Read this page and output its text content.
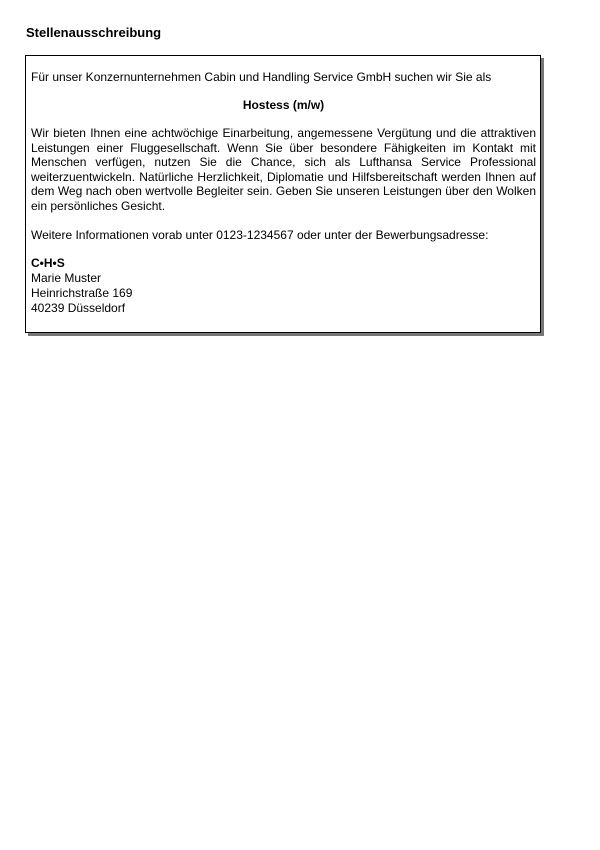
Stellenausschreibung

Für unser Konzernunternehmen Cabin und Handling Service GmbH suchen wir Sie als

Hostess (m/w)

Wir bieten Ihnen eine achtwöchige Einarbeitung, angemessene Vergütung und die attraktiven Leistungen einer Fluggesellschaft. Wenn Sie über besondere Fähigkeiten im Kontakt mit Menschen verfügen, nutzen Sie die Chance, sich als Lufthansa Service Professional weiterzuentwickeln. Natürliche Herzlichkeit, Diplomatie und Hilfsbereitschaft werden Ihnen auf dem Weg nach oben wertvolle Begleiter sein. Geben Sie unseren Leistungen über den Wolken ein persönliches Gesicht.

Weitere Informationen vorab unter 0123-1234567 oder unter der Bewerbungsadresse:

C•H•S
Marie Muster
Heinrichstraße 169
40239 Düsseldorf
